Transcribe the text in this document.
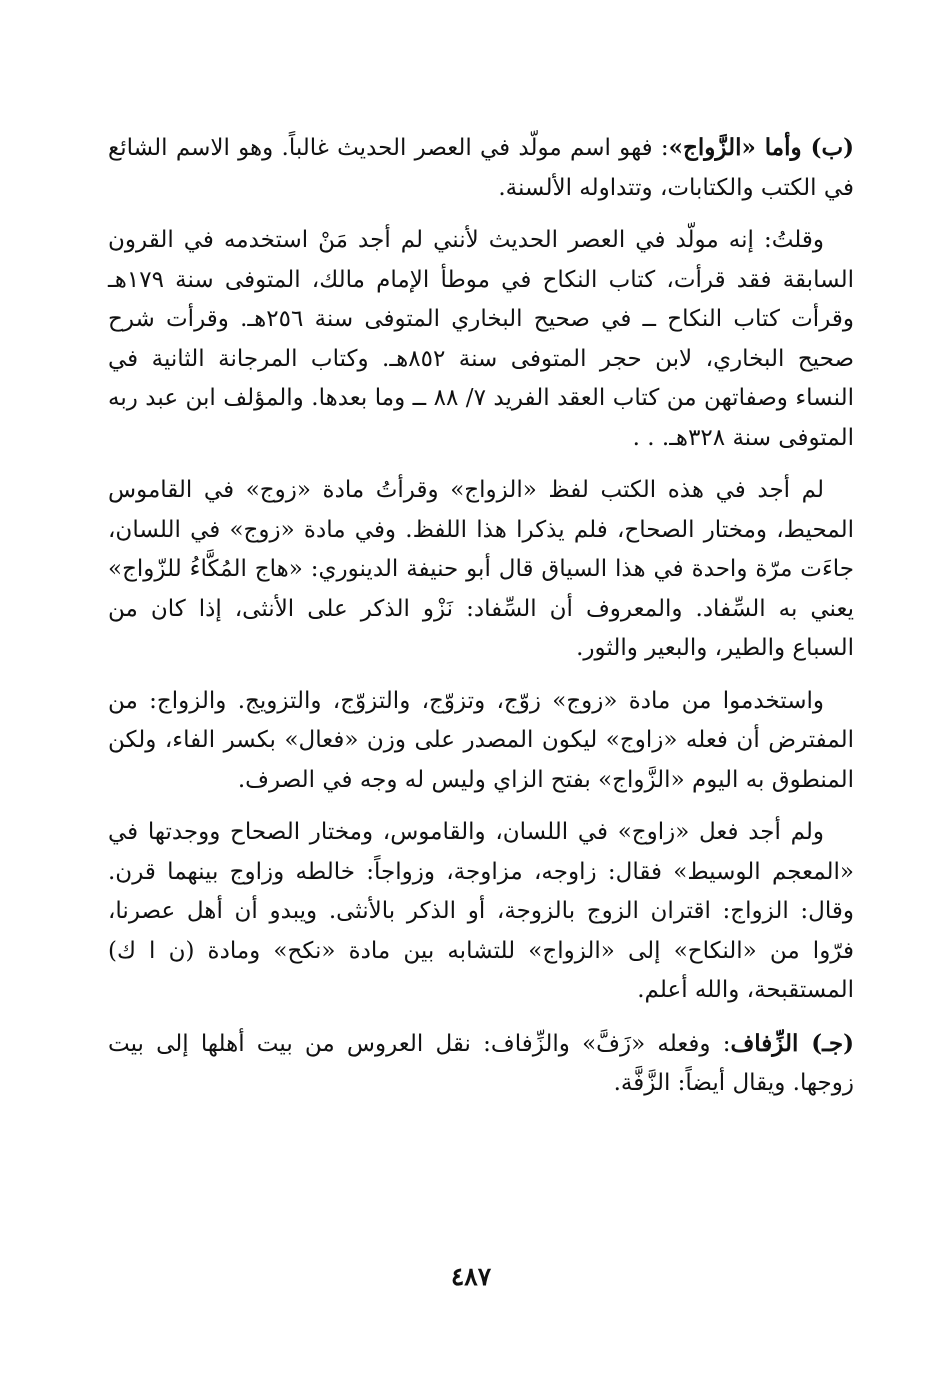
(ب) وأما «الزَّواج»: فهو اسم مولّد في العصر الحديث غالباً. وهو الاسم الشائع في الكتب والكتابات، وتتداوله الألسنة.

وقلتُ: إنه مولّد في العصر الحديث لأنني لم أجد مَنْ استخدمه في القرون السابقة فقد قرأت، كتاب النكاح في موطأ الإمام مالك، المتوفى سنة ١٧٩هـ وقرأت كتاب النكاح ــ في صحيح البخاري المتوفى سنة ٢٥٦هـ. وقرأت شرح صحيح البخاري، لابن حجر المتوفى سنة ٨٥٢هـ. وكتاب المرجانة الثانية في النساء وصفاتهن من كتاب العقد الفريد ٧/ ٨٨ ــ وما بعدها. والمؤلف ابن عبد ربه المتوفى سنة ٣٢٨هـ. . .

لم أجد في هذه الكتب لفظ «الزواج» وقرأتُ مادة «زوج» في القاموس المحيط، ومختار الصحاح، فلم يذكرا هذا اللفظ. وفي مادة «زوج» في اللسان، جاءَت مرّة واحدة في هذا السياق قال أبو حنيفة الدينوري: «هاج المُكَّاءُ للزّواج» يعني به السِّفاد. والمعروف أن السِّفاد: نَزْو الذكر على الأنثى، إذا كان من السباع والطير، والبعير والثور.

واستخدموا من مادة «زوج» زوّج، وتزوّج، والتزوّج، والتزويج. والزواج: من المفترض أن فعله «زاوج» ليكون المصدر على وزن «فعال» بكسر الفاء، ولكن المنطوق به اليوم «الزَّواج» بفتح الزاي وليس له وجه في الصرف.

ولم أجد فعل «زاوج» في اللسان، والقاموس، ومختار الصحاح ووجدتها في «المعجم الوسيط» فقال: زاوجه، مزاوجة، وزواجاً: خالطه وزاوج بينهما قرن. وقال: الزواج: اقتران الزوج بالزوجة، أو الذكر بالأنثى. ويبدو أن أهل عصرنا، فرّوا من «النكاح» إلى «الزواج» للتشابه بين مادة «نكح» ومادة (ن ا ك) المستقبحة، والله أعلم.

(جـ) الزِّفاف: وفعله «زَفَّ» والزِّفاف: نقل العروس من بيت أهلها إلى بيت زوجها. ويقال أيضاً: الزَّفَّة.

٤٨٧
